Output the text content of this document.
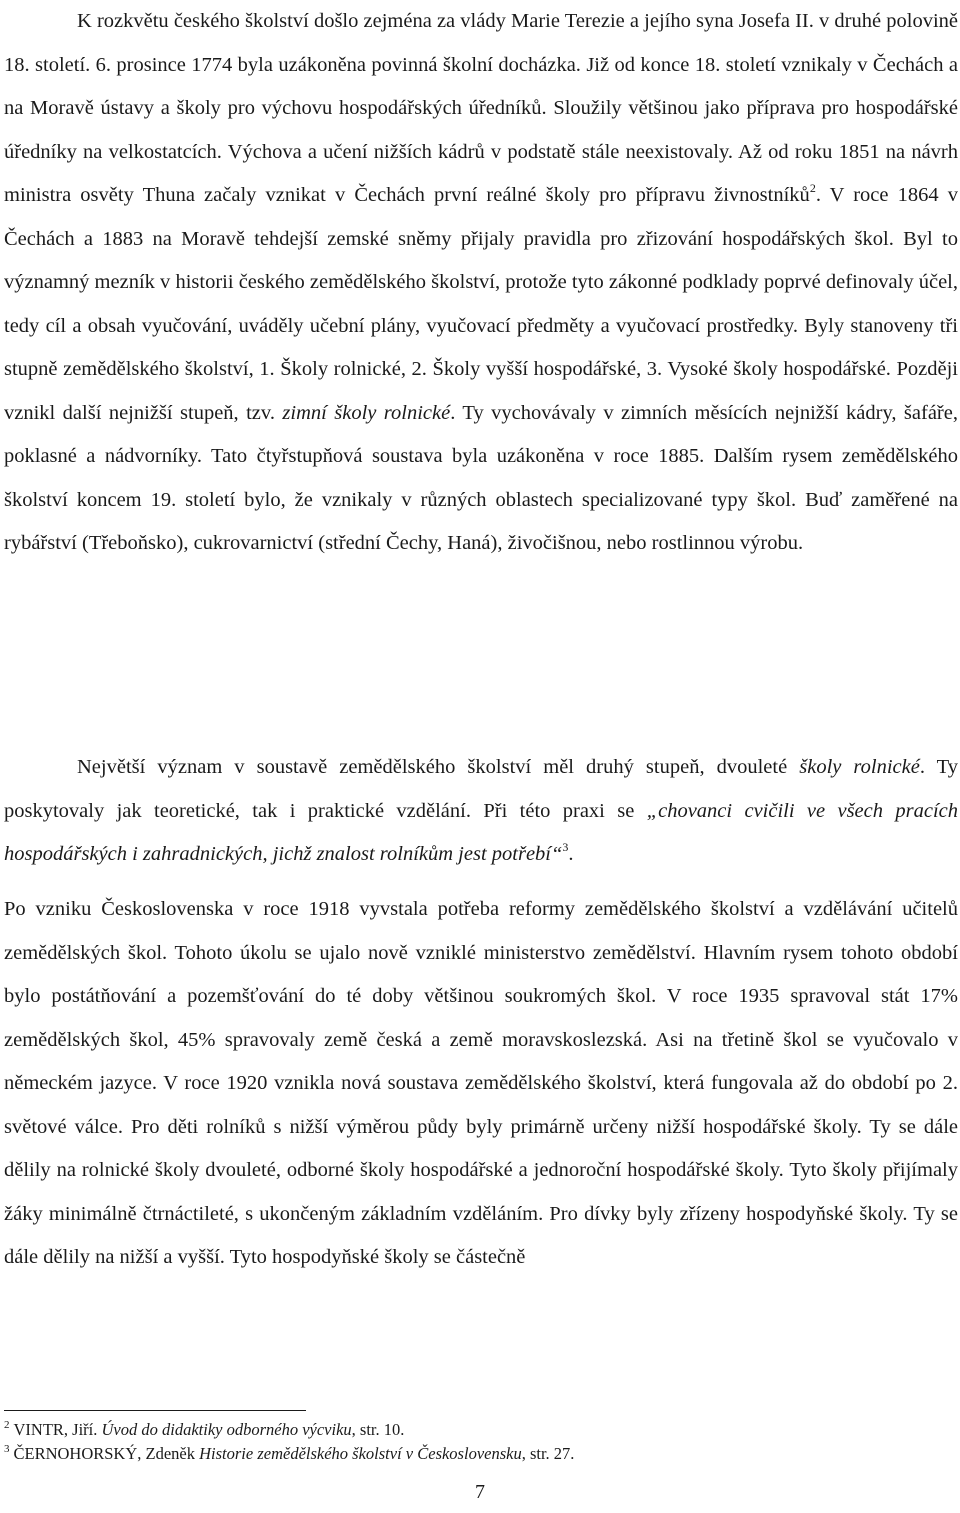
K rozkvětu českého školství došlo zejména za vlády Marie Terezie a jejího syna Josefa II. v druhé polovině 18. století. 6. prosince 1774 byla uzákoněna povinná školní docházka. Již od konce 18. století vznikaly v Čechách a na Moravě ústavy a školy pro výchovu hospodářských úředníků. Sloužily většinou jako příprava pro hospodářské úředníky na velkostatcích. Výchova a učení nižších kádrů v podstatě stále neexistovaly. Až od roku 1851 na návrh ministra osvěty Thuna začaly vznikat v Čechách první reálné školy pro přípravu živnostníků$^2$. V roce 1864 v Čechách a 1883 na Moravě tehdejší zemské sněmy přijaly pravidla pro zřizování hospodářských škol. Byl to významný mezník v historii českého zemědělského školství, protože tyto zákonné podklady poprvé definovaly účel, tedy cíl a obsah vyučování, uváděly učební plány, vyučovací předměty a vyučovací prostředky. Byly stanoveny tři stupně zemědělského školství, 1. Školy rolnické, 2. Školy vyšší hospodářské, 3. Vysoké školy hospodářské. Později vznikl další nejnižší stupeň, tzv. zimní školy rolnické. Ty vychovávaly v zimních měsících nejnižší kádry, šafáře, poklasné a nádvorníky. Tato čtyřstupňová soustava byla uzákoněna v roce 1885. Dalším rysem zemědělského školství koncem 19. století bylo, že vznikaly v různých oblastech specializované typy škol. Buď zaměřené na rybářství (Třeboňsko), cukrovarnictví (střední Čechy, Haná), živočišnou, nebo rostlinnou výrobu.

Největší význam v soustavě zemědělského školství měl druhý stupeň, dvouleté školy rolnické. Ty poskytovaly jak teoretické, tak i praktické vzdělání. Při této praxi se „chovanci cvičili ve všech pracích hospodářských i zahradnických, jichž znalost rolníkům jest potřebí“$^3$.

Po vzniku Československa v roce 1918 vyvstala potřeba reformy zemědělského školství a vzdělávání učitelů zemědělských škol. Tohoto úkolu se ujalo nově vzniklé ministerstvo zemědělství. Hlavním rysem tohoto období bylo postátňování a pozemšťování do té doby většinou soukromých škol. V roce 1935 spravoval stát 17% zemědělských škol, 45% spravovaly země česká a země moravskoslezská. Asi na třetině škol se vyučovalo v německém jazyce. V roce 1920 vznikla nová soustava zemědělského školství, která fungovala až do období po 2. světové válce. Pro děti rolníků s nižší výměrou půdy byly primárně určeny nižší hospodářské školy. Ty se dále dělily na rolnické školy dvouleté, odborné školy hospodářské a jednoroční hospodářské školy. Tyto školy přijímaly žáky minimálně čtrnáctileté, s ukončeným základním vzděláním. Pro dívky byly zřízeny hospodyňské školy. Ty se dále dělily na nižší a vyšší. Tyto hospodyňské školy se částečně

$^2$ VINTR, Jiří. Úvod do didaktiky odborného výcviku, str. 10.
$^3$ ČERNOHORSKÝ, Zdeněk Historie zemědělského školství v Československu, str. 27.
7
